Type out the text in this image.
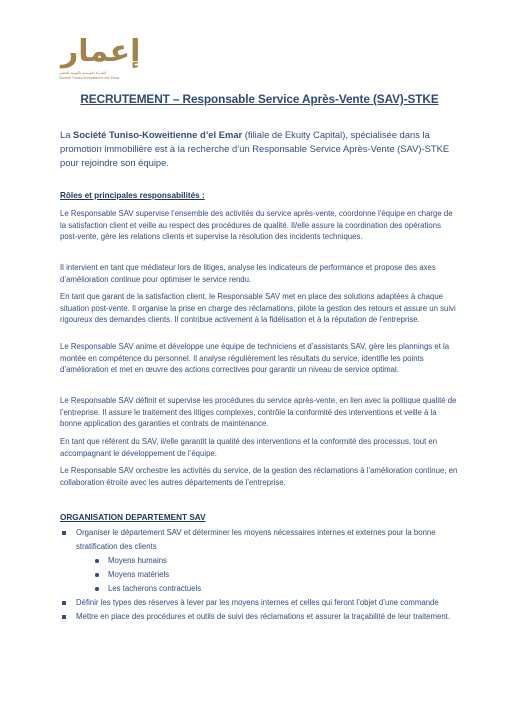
إعمار
الشركة التونسية الكويتية للتعمير
Société Tuniso-Koweitienne d'el Emar
RECRUTEMENT – Responsable Service Après-Vente (SAV)-STKE

La Société Tuniso-Koweitienne d’el Emar (filiale de Ekuity Capital), spécialisée dans la promotion immobilière est à la recherche d’un Responsable Service Après-Vente (SAV)-STKE pour rejoindre son équipe.

Rôles et principales responsabilités :

Le Responsable SAV supervise l’ensemble des activités du service après-vente, coordonne l’équipe en charge de la satisfaction client et veille au respect des procédures de qualité. Il/elle assure la coordination des opérations post-vente, gère les relations clients et supervise la résolution des incidents techniques.

Il intervient en tant que médiateur lors de litiges, analyse les indicateurs de performance et propose des axes d’amélioration continue pour optimiser le service rendu.

En tant que garant de la satisfaction client, le Responsable SAV met en place des solutions adaptées à chaque situation post-vente. Il organise la prise en charge des réclamations, pilote la gestion des retours et assure un suivi rigoureux des demandes clients. Il contribue activement à la fidélisation et à la réputation de l’entreprise.

Le Responsable SAV anime et développe une équipe de techniciens et d’assistants SAV, gère les plannings et la montée en compétence du personnel. Il analyse régulièrement les résultats du service, identifie les points d’amélioration et met en œuvre des actions correctives pour garantir un niveau de service optimal.

Le Responsable SAV définit et supervise les procédures du service après-vente, en lien avec la politique qualité de l’entreprise. Il assure le traitement des litiges complexes, contrôle la conformité des interventions et veille à la bonne application des garanties et contrats de maintenance.

En tant que référent du SAV, il/elle garantit la qualité des interventions et la conformité des processus, tout en accompagnant le développement de l’équipe.

Le Responsable SAV orchestre les activités du service, de la gestion des réclamations à l’amélioration continue, en collaboration étroite avec les autres départements de l’entreprise.

ORGANISATION DEPARTEMENT SAV
Organiser le département SAV et déterminer les moyens nécessaires internes et externes pour la bonne stratification des clients
Moyens humains
Moyens matériels
Les tacherons contractuels
Définir les types des réserves à lever par les moyens internes et celles qui feront l’objet d’une commande
Mettre en place des procédures et outils de suivi des réclamations et assurer la traçabilité de leur traitement.
